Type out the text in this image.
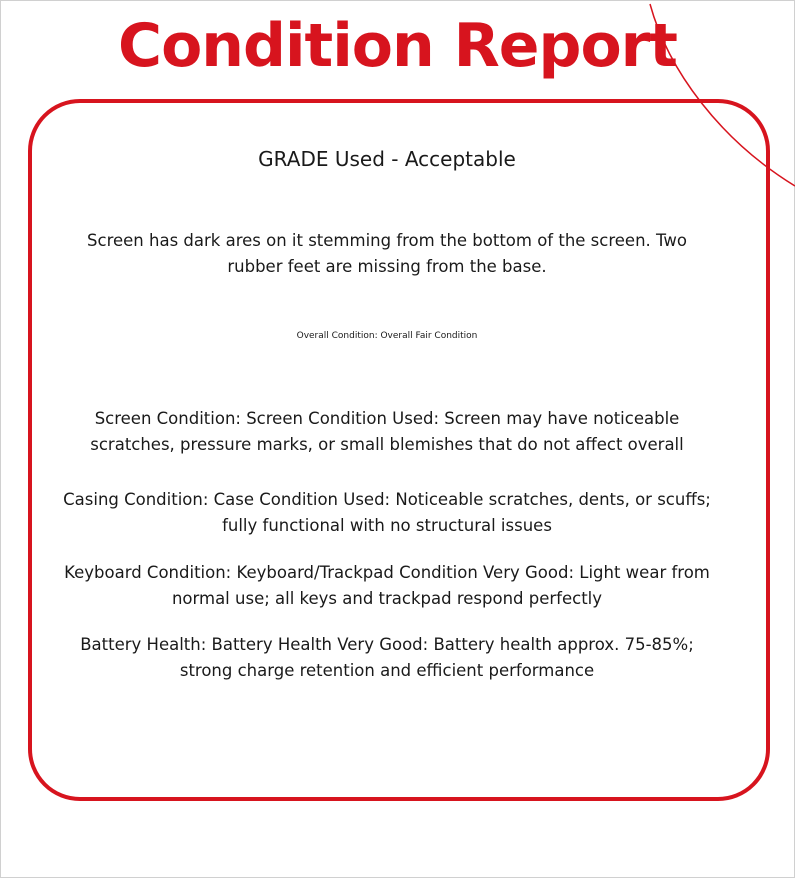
Condition Report
GRADE Used - Acceptable
Screen has dark ares on it stemming from the bottom of the screen. Two rubber feet are missing from the base.
Overall Condition: Overall Fair Condition
Screen Condition: Screen Condition Used: Screen may have noticeable scratches, pressure marks, or small blemishes that do not affect overall
Casing Condition: Case Condition Used: Noticeable scratches, dents, or scuffs; fully functional with no structural issues
Keyboard Condition: Keyboard/Trackpad Condition Very Good: Light wear from normal use; all keys and trackpad respond perfectly
Battery Health: Battery Health Very Good: Battery health approx. 75-85%; strong charge retention and efficient performance
